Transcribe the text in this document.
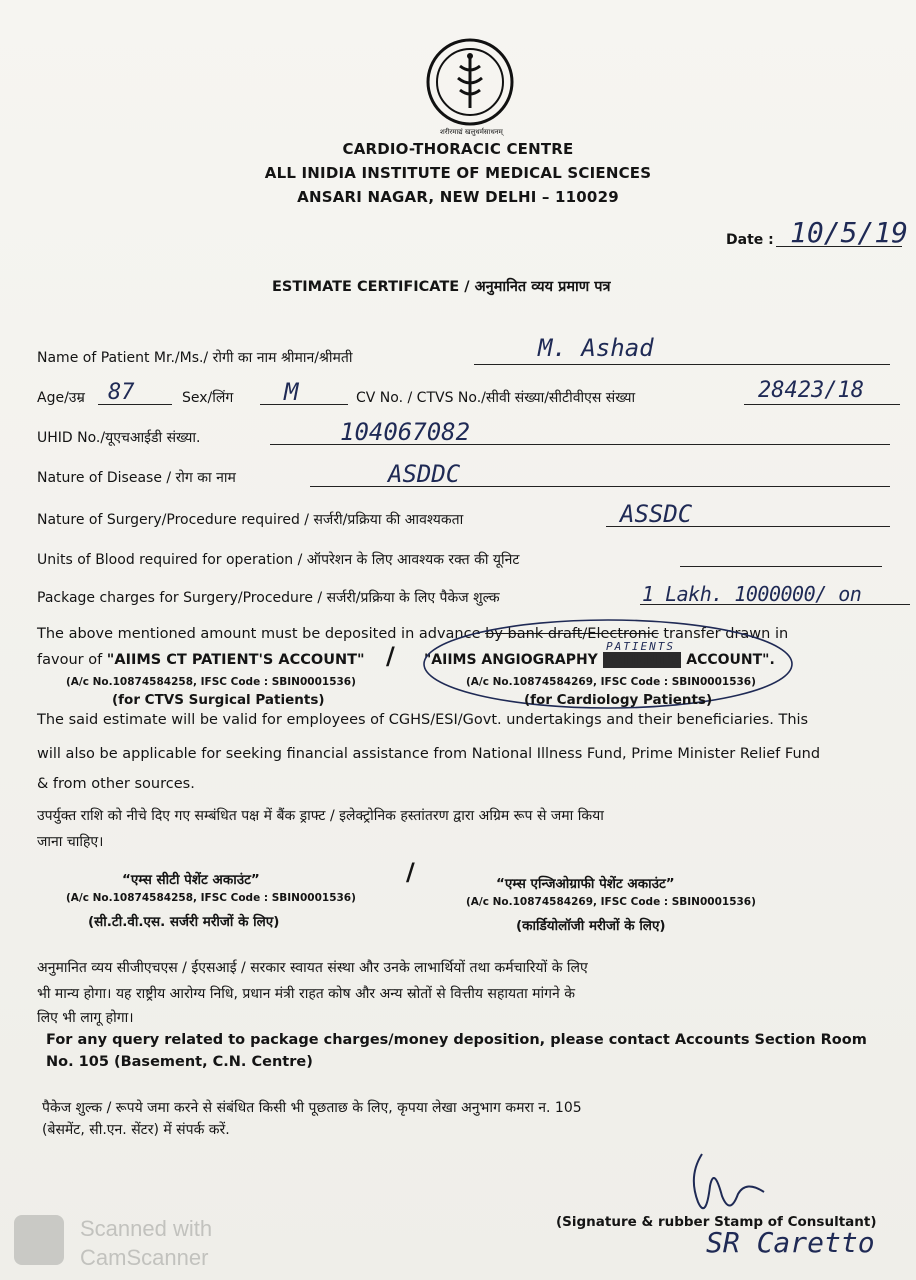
शरीरमाद्यं खलुधर्मसाधनम्
CARDIO-THORACIC CENTRE
ALL INIDIA INSTITUTE OF MEDICAL SCIENCES
ANSARI NAGAR, NEW DELHI – 110029
Date : 10/5/19
ESTIMATE CERTIFICATE / अनुमानित व्यय प्रमाण पत्र
Name of Patient Mr./Ms./ रोगी का नाम श्रीमान/श्रीमती	M. Ashad
Age/उम्र 87	Sex/लिंग M	CV No. / CTVS No./सीवी संख्या/सीटीवीएस संख्या	28423/18
UHID No./यूएचआईडी संख्या.	104067082
Nature of Disease / रोग का नाम	ASDDC
Nature of Surgery/Procedure required / सर्जरी/प्रक्रिया की आवश्यकता	ASSDC
Units of Blood required for operation / ऑपरेशन के लिए आवश्यक रक्त की यूनिट
Package charges for Surgery/Procedure / सर्जरी/प्रक्रिया के लिए पैकेज शुल्क	1 Lakh. 1000000/ on
The above mentioned amount must be deposited in advance by bank draft/Electronic transfer drawn in
favour of "AIIMS CT PATIENT'S ACCOUNT" / "AIIMS ANGIOGRAPHY PATIENT'S ACCOUNT".
PATIENTS
(A/c No.10874584258, IFSC Code : SBIN0001536)
(for CTVS Surgical Patients)
(A/c No.10874584269, IFSC Code : SBIN0001536)
(for Cardiology Patients)
The said estimate will be valid for employees of CGHS/ESI/Govt. undertakings and their beneficiaries. This
will also be applicable for seeking financial assistance from National Illness Fund, Prime Minister Relief Fund
& from other sources.
उपर्युक्त राशि को नीचे दिए गए सम्बंधित पक्ष में बैंक ड्राफ्ट / इलेक्ट्रोनिक हस्तांतरण द्वारा अग्रिम रूप से जमा किया
जाना चाहिए।
“एम्स सीटी पेशेंट अकाउंट”	/	“एम्स एन्जिओग्राफी पेशेंट अकाउंट”
(A/c No.10874584258, IFSC Code : SBIN0001536)	(A/c No.10874584269, IFSC Code : SBIN0001536)
(सी.टी.वी.एस. सर्जरी मरीजों के लिए)	(कार्डियोलॉजी मरीजों के लिए)
अनुमानित व्यय सीजीएचएस / ईएसआई / सरकार स्वायत संस्था और उनके लाभार्थियों तथा कर्मचारियों के लिए
भी मान्य होगा। यह राष्ट्रीय आरोग्य निधि, प्रधान मंत्री राहत कोष और अन्य स्रोतों से वित्तीय सहायता मांगने के
लिए भी लागू होगा।
For any query related to package charges/money deposition, please contact Accounts Section Room
No. 105 (Basement, C.N. Centre)
पैकेज शुल्क / रूपये जमा करने से संबंधित किसी भी पूछताछ के लिए, कृपया लेखा अनुभाग कमरा न. 105
(बेसमेंट, सी.एन. सेंटर) में संपर्क करें.
(Signature & rubber Stamp of Consultant)
SR Caretto
Scanned with
CamScanner
